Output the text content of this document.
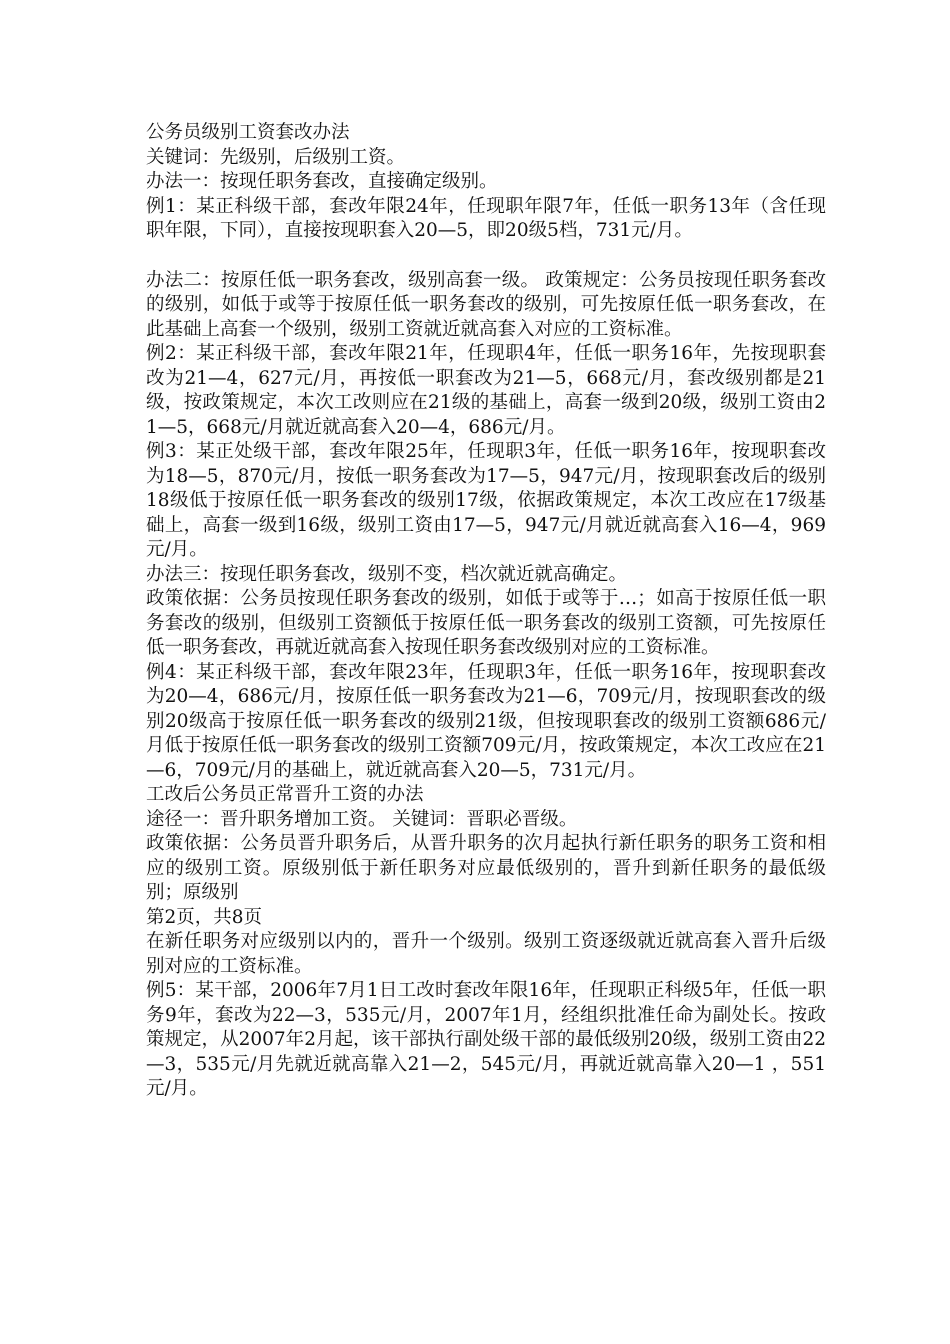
公务员级别工资套改办法

关键词：先级别，后级别工资。

办法一：按现任职务套改，直接确定级别。

例1：某正科级干部，套改年限24年，任现职年限7年，任低一职务13年（含任现职年限，下同），直接按现职套入20—5，即20级5档，731元/月。

办法二：按原任低一职务套改，级别高套一级。 政策规定：公务员按现任职务套改的级别，如低于或等于按原任低一职务套改的级别，可先按原任低一职务套改，在此基础上高套一个级别，级别工资就近就高套入对应的工资标准。

例2：某正科级干部，套改年限21年，任现职4年，任低一职务16年，先按现职套改为21—4，627元/月，再按低一职套改为21—5，668元/月，套改级别都是21级，按政策规定，本次工改则应在21级的基础上，高套一级到20级，级别工资由21—5，668元/月就近就高套入20—4，686元/月。

例3：某正处级干部，套改年限25年，任现职3年，任低一职务16年，按现职套改为18—5，870元/月，按低一职务套改为17—5，947元/月，按现职套改后的级别18级低于按原任低一职务套改的级别17级，依据政策规定，本次工改应在17级基础上，高套一级到16级，级别工资由17—5，947元/月就近就高套入16—4，969元/月。

办法三：按现任职务套改，级别不变，档次就近就高确定。

政策依据：公务员按现任职务套改的级别，如低于或等于…；如高于按原任低一职务套改的级别，但级别工资额低于按原任低一职务套改的级别工资额，可先按原任低一职务套改，再就近就高套入按现任职务套改级别对应的工资标准。

例4：某正科级干部，套改年限23年，任现职3年，任低一职务16年，按现职套改为20—4，686元/月，按原任低一职务套改为21—6，709元/月，按现职套改的级别20级高于按原任低一职务套改的级别21级，但按现职套改的级别工资额686元/月低于按原任低一职务套改的级别工资额709元/月，按政策规定，本次工改应在21—6，709元/月的基础上，就近就高套入20—5，731元/月。

工改后公务员正常晋升工资的办法

途径一：晋升职务增加工资。 关键词：晋职必晋级。

政策依据：公务员晋升职务后，从晋升职务的次月起执行新任职务的职务工资和相应的级别工资。原级别低于新任职务对应最低级别的，晋升到新任职务的最低级别；原级别

第2页，共8页

在新任职务对应级别以内的，晋升一个级别。级别工资逐级就近就高套入晋升后级别对应的工资标准。

例5：某干部，2006年7月1日工改时套改年限16年，任现职正科级5年，任低一职务9年，套改为22—3，535元/月，2007年1月，经组织批准任命为副处长。按政策规定，从2007年2月起，该干部执行副处级干部的最低级别20级，级别工资由22—3，535元/月先就近就高靠入21—2，545元/月，再就近就高靠入20—1 ，551元/月。
